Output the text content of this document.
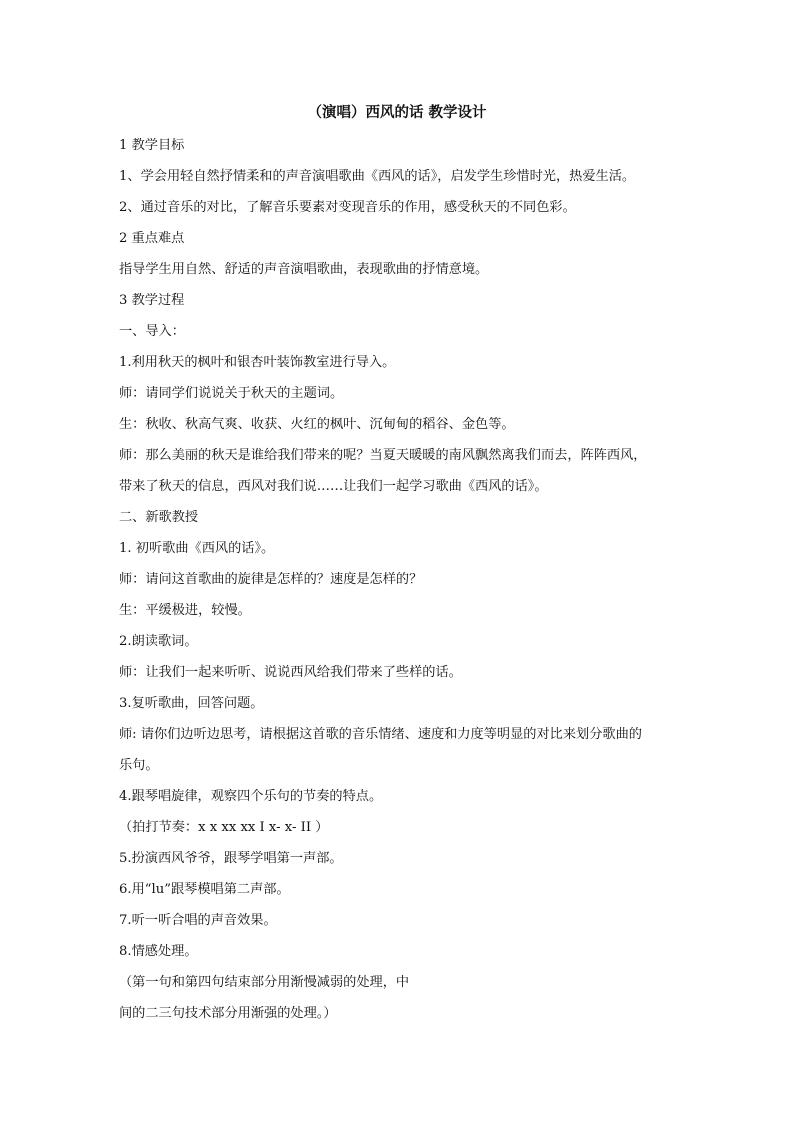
（演唱）西风的话 教学设计

1 教学目标

1、学会用轻自然抒情柔和的声音演唱歌曲《西风的话》，启发学生珍惜时光，热爱生活。

2、通过音乐的对比，了解音乐要素对变现音乐的作用，感受秋天的不同色彩。

2 重点难点

指导学生用自然、舒适的声音演唱歌曲，表现歌曲的抒情意境。

3 教学过程

一、导入：

1.利用秋天的枫叶和银杏叶装饰教室进行导入。

师：请同学们说说关于秋天的主题词。

生：秋收、秋高气爽、收获、火红的枫叶、沉甸甸的稻谷、金色等。

师：那么美丽的秋天是谁给我们带来的呢？当夏天暖暖的南风飘然离我们而去，阵阵西风，

带来了秋天的信息，西风对我们说……让我们一起学习歌曲《西风的话》。

二、新歌教授

1. 初听歌曲《西风的话》。

师：请问这首歌曲的旋律是怎样的？速度是怎样的？

生：平缓极进，较慢。

2.朗读歌词。

师：让我们一起来听听、说说西风给我们带来了些样的话。

3.复听歌曲，回答问题。

师: 请你们边听边思考，请根据这首歌的音乐情绪、速度和力度等明显的对比来划分歌曲的

乐句。

4.跟琴唱旋律，观察四个乐句的节奏的特点。

（拍打节奏：x x xx xx I x- x- II ）

5.扮演西风爷爷，跟琴学唱第一声部。

6.用“lu”跟琴模唱第二声部。

7.听一听合唱的声音效果。

8.情感处理。

（第一句和第四句结束部分用渐慢减弱的处理，中

间的二三句技术部分用渐强的处理。）
